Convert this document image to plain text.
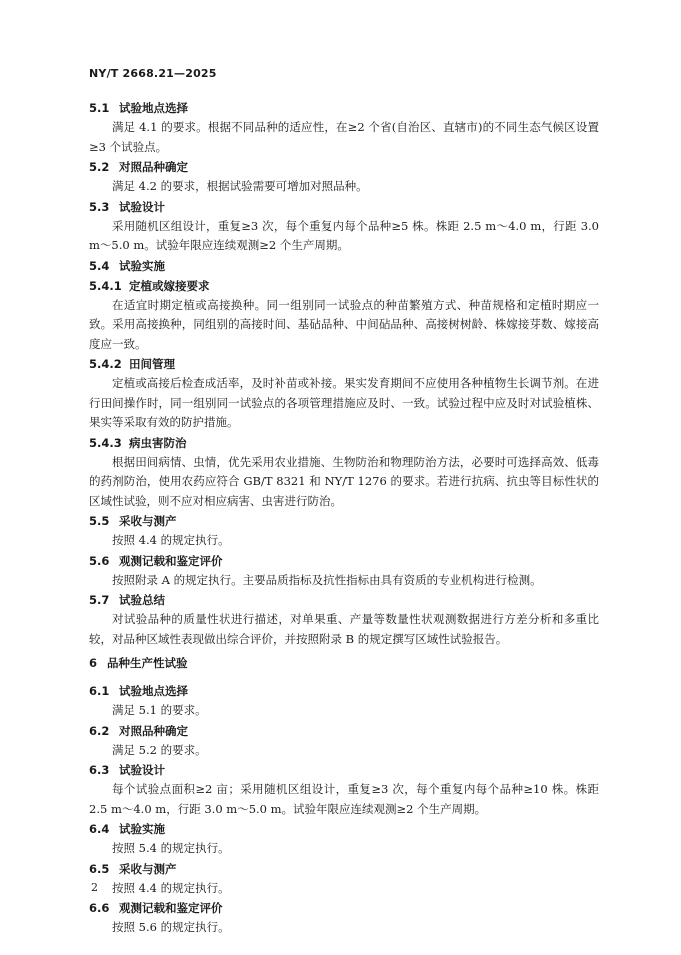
NY/T 2668.21—2025
5.1 试验地点选择

满足 4.1 的要求。根据不同品种的适应性，在≥2 个省(自治区、直辖市)的不同生态气候区设置≥3 个试验点。

5.2 对照品种确定

满足 4.2 的要求，根据试验需要可增加对照品种。

5.3 试验设计

采用随机区组设计，重复≥3 次，每个重复内每个品种≥5 株。株距 2.5 m～4.0 m，行距 3.0 m～5.0 m。试验年限应连续观测≥2 个生产周期。

5.4 试验实施
5.4.1 定植或嫁接要求

在适宜时期定植或高接换种。同一组别同一试验点的种苗繁殖方式、种苗规格和定植时期应一致。采用高接换种，同组别的高接时间、基砧品种、中间砧品种、高接树树龄、株嫁接芽数、嫁接高度应一致。

5.4.2 田间管理

定植或高接后检查成活率，及时补苗或补接。果实发育期间不应使用各种植物生长调节剂。在进行田间操作时，同一组别同一试验点的各项管理措施应及时、一致。试验过程中应及时对试验植株、果实等采取有效的防护措施。

5.4.3 病虫害防治

根据田间病情、虫情，优先采用农业措施、生物防治和物理防治方法，必要时可选择高效、低毒的药剂防治，使用农药应符合 GB/T 8321 和 NY/T 1276 的要求。若进行抗病、抗虫等目标性状的区域性试验，则不应对相应病害、虫害进行防治。

5.5 采收与测产

按照 4.4 的规定执行。

5.6 观测记载和鉴定评价

按照附录 A 的规定执行。主要品质指标及抗性指标由具有资质的专业机构进行检测。

5.7 试验总结

对试验品种的质量性状进行描述，对单果重、产量等数量性状观测数据进行方差分析和多重比较，对品种区域性表现做出综合评价，并按照附录 B 的规定撰写区域性试验报告。

6 品种生产性试验
6.1 试验地点选择

满足 5.1 的要求。

6.2 对照品种确定

满足 5.2 的要求。

6.3 试验设计

每个试验点面积≥2 亩；采用随机区组设计，重复≥3 次，每个重复内每个品种≥10 株。株距2.5 m～4.0 m，行距 3.0 m～5.0 m。试验年限应连续观测≥2 个生产周期。

6.4 试验实施

按照 5.4 的规定执行。

6.5 采收与测产

按照 4.4 的规定执行。

6.6 观测记载和鉴定评价

按照 5.6 的规定执行。

2
